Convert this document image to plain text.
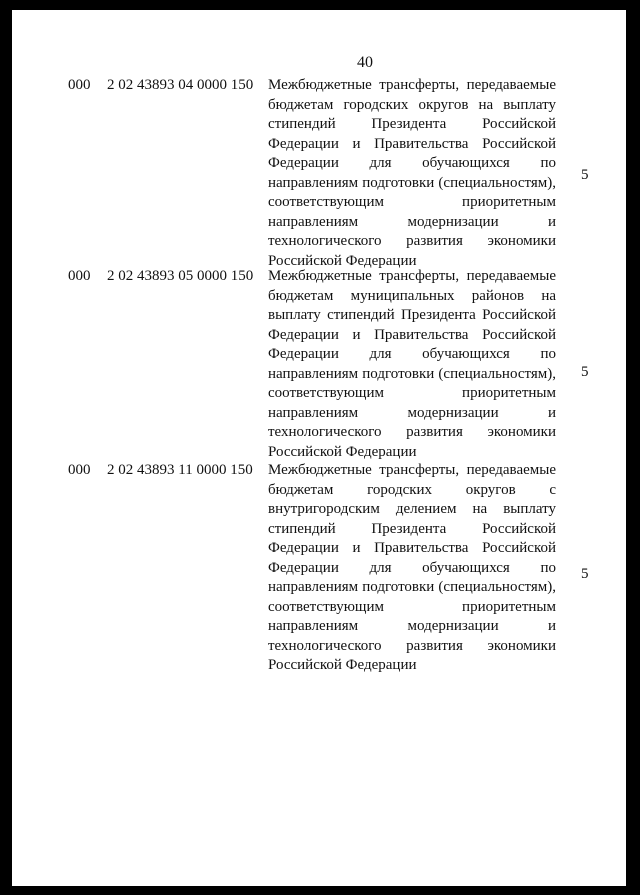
40
000 2 02 43893 04 0000 150 Межбюджетные трансферты, передаваемые
бюджетам городских округов на выплату
стипендий Президента Российской
Федерации и Правительства Российской
Федерации для обучающихся по
направлениям подготовки (специальностям),
соответствующим приоритетным
направлениям модернизации и
технологического развития экономики
Российской Федерации
5
000 2 02 43893 05 0000 150 Межбюджетные трансферты, передаваемые
бюджетам муниципальных районов на
выплату стипендий Президента Российской
Федерации и Правительства Российской
Федерации для обучающихся по
направлениям подготовки (специальностям),
соответствующим приоритетным
направлениям модернизации и
технологического развития экономики
Российской Федерации
5
000 2 02 43893 11 0000 150 Межбюджетные трансферты, передаваемые
бюджетам городских округов с
внутригородским делением на выплату
стипендий Президента Российской
Федерации и Правительства Российской
Федерации для обучающихся по
направлениям подготовки (специальностям),
соответствующим приоритетным
направлениям модернизации и
технологического развития экономики
Российской Федерации
5
